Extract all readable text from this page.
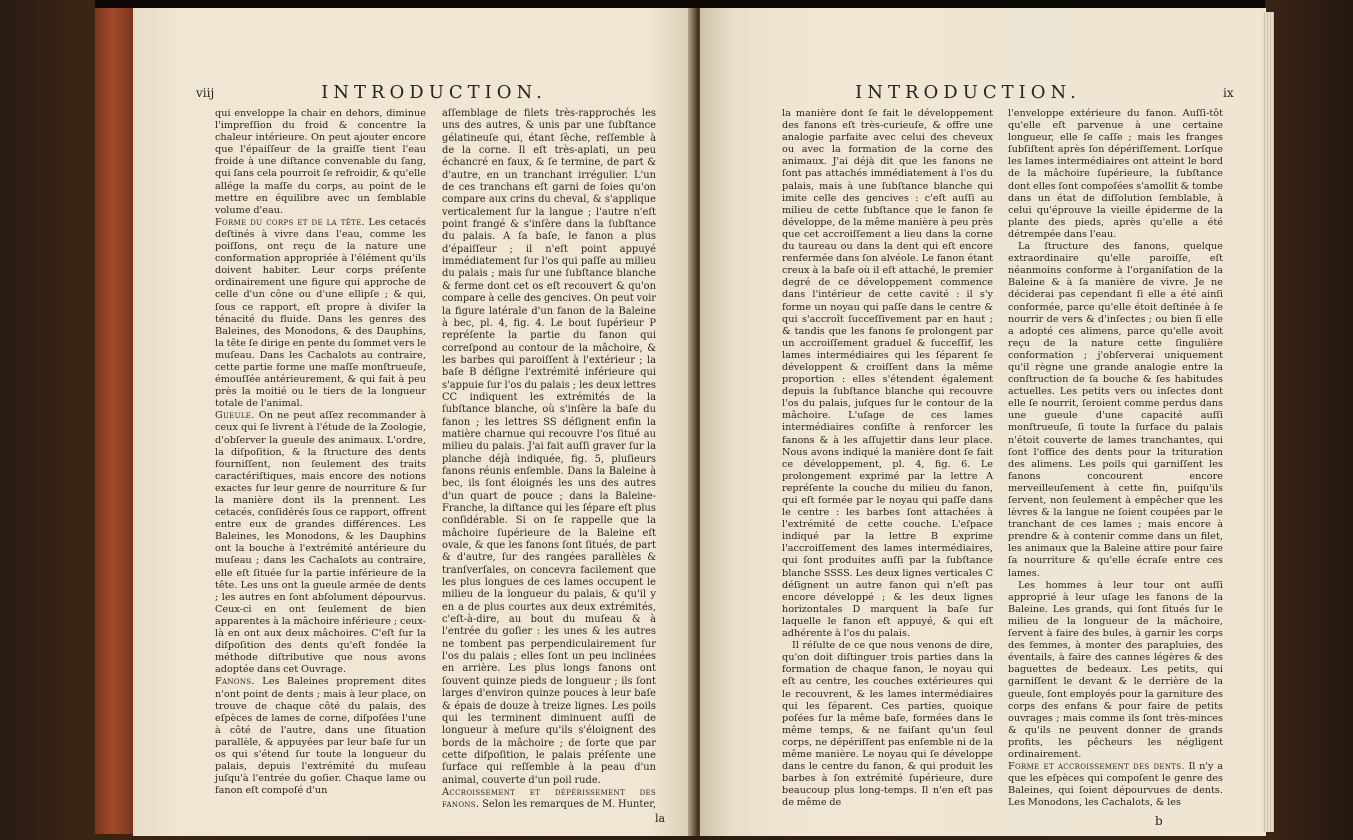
viij	INTRODUCTION.

qui enveloppe la chair en dehors, diminue l'impreſſion du froid & concentre la chaleur intérieure. On peut ajouter encore que l'épaiſſeur de la graiſſe tient l'eau froide à une diſtance convenable du ſang, qui ſans cela pourroit ſe refroidir, & qu'elle allége la maſſe du corps, au point de le mettre en équilibre avec un ſemblable volume d'eau.

Forme du corps et de la tête. Les cetacés deſtinés à vivre dans l'eau, comme les poiſſons, ont reçu de la nature une conformation appropriée à l'élément qu'ils doivent habiter. Leur corps préſente ordinairement une figure qui approche de celle d'un cône ou d'une ellipſe ; & qui, ſous ce rapport, eſt propre à diviſer la ténacité du fluide. Dans les genres des Baleines, des Monodons, & des Dauphins, la tête ſe dirige en pente du ſommet vers le muſeau. Dans les Cachalots au contraire, cette partie forme une maſſe monſtrueuſe, émouſſée antérieurement, & qui fait à peu près la moitié ou le tiers de la longueur totale de l'animal.

Gueule. On ne peut aſſez recommander à ceux qui ſe livrent à l'étude de la Zoologie, d'obſerver la gueule des animaux. L'ordre, la diſpoſition, & la ſtructure des dents fourniſſent, non ſeulement des traits caractériſtiques, mais encore des notions exactes ſur leur genre de nourriture & ſur la manière dont ils la prennent. Les cetacés, conſidérés ſous ce rapport, offrent entre eux de grandes différences. Les Baleines, les Monodons, & les Dauphins ont la bouche à l'extrémité antérieure du muſeau ; dans les Cachalots au contraire, elle eſt ſituée ſur la partie inférieure de la tête. Les uns ont la gueule armée de dents ; les autres en ſont abſolument dépourvus. Ceux-ci en ont ſeulement de bien apparentes à la mâchoire inférieure ; ceux-là en ont aux deux mâchoires. C'eſt ſur la diſpoſition des dents qu'eſt fondée la méthode diſtributive que nous avons adoptée dans cet Ouvrage.

Fanons. Les Baleines proprement dites n'ont point de dents ; mais à leur place, on trouve de chaque côté du palais, des eſpèces de lames de corne, diſpoſées l'une à côté de l'autre, dans une ſituation parallèle, & appuyées par leur baſe ſur un os qui s'étend ſur toute la longueur du palais, depuis l'extrémité du muſeau juſqu'à l'entrée du goſier. Chaque lame ou fanon eſt compoſé d'un

aſſemblage de filets très-rapprochés les uns des autres, & unis par une ſubſtance gélatineuſe qui, étant ſèche, reſſemble à de la corne. Il eſt très-aplati, un peu échancré en faux, & ſe termine, de part & d'autre, en un tranchant irrégulier. L'un de ces tranchans eſt garni de ſoies qu'on compare aux crins du cheval, & s'applique verticalement ſur la langue ; l'autre n'eſt point frangé & s'inſère dans la ſubſtance du palais. A ſa baſe, le fanon a plus d'épaiſſeur ; il n'eſt point appuyé immédiatement ſur l'os qui paſſe au milieu du palais ; mais ſur une ſubſtance blanche & ferme dont cet os eſt recouvert & qu'on compare à celle des gencives. On peut voir la figure latérale d'un fanon de la Baleine à bec, pl. 4, fig. 4. Le bout ſupérieur P repréſente la partie du fanon qui correſpond au contour de la mâchoire, & les barbes qui paroiſſent à l'extérieur ; la baſe B déſigne l'extrémité inférieure qui s'appuie ſur l'os du palais ; les deux lettres CC indiquent les extrémités de la ſubſtance blanche, où s'inſère la baſe du fanon ; les lettres SS déſignent enfin la matière charnue qui recouvre l'os ſitué au milieu du palais. J'ai fait auſſi graver ſur la planche déjà indiquée, fig. 5, pluſieurs fanons réunis enſemble. Dans la Baleine à bec, ils ſont éloignés les uns des autres d'un quart de pouce ; dans la Baleine-Franche, la diſtance qui les ſépare eſt plus conſidérable. Si on ſe rappelle que la mâchoire ſupérieure de la Baleine eſt ovale, & que les fanons ſont ſitués, de part & d'autre, ſur des rangées parallèles & tranſverſales, on concevra facilement que les plus longues de ces lames occupent le milieu de la longueur du palais, & qu'il y en a de plus courtes aux deux extrémités, c'eſt-à-dire, au bout du muſeau & à l'entrée du goſier : les unes & les autres ne tombent pas perpendiculairement ſur l'os du palais ; elles ſont un peu inclinées en arrière. Les plus longs fanons ont ſouvent quinze pieds de longueur ; ils ſont larges d'environ quinze pouces à leur baſe & épais de douze à treize lignes. Les poils qui les terminent diminuent auſſi de longueur à meſure qu'ils s'éloignent des bords de la mâchoire ; de ſorte que par cette diſpoſition, le palais préſente une ſurface qui reſſemble à la peau d'un animal, couverte d'un poil rude.

Accroissement et dépérissement des fanons. Selon les remarques de M. Hunter,

la
INTRODUCTION.	ix

la manière dont ſe fait le développement des fanons eſt très-curieuſe, & offre une analogie parfaite avec celui des cheveux ou avec la formation de la corne des animaux. J'ai déjà dit que les fanons ne ſont pas attachés immédiatement à l'os du palais, mais à une ſubſtance blanche qui imite celle des gencives : c'eſt auſſi au milieu de cette ſubſtance que le fanon ſe développe, de la même manière à peu près que cet accroiſſement a lieu dans la corne du taureau ou dans la dent qui eſt encore renfermée dans ſon alvéole. Le fanon étant creux à la baſe où il eſt attaché, le premier degré de ce développement commence dans l'intérieur de cette cavité : il s'y forme un noyau qui paſſe dans le centre & qui s'accroît ſucceſſivement par en haut ; & tandis que les fanons ſe prolongent par un accroiſſement graduel & ſucceſſif, les lames intermédiaires qui les ſéparent ſe développent & croiſſent dans la même proportion : elles s'étendent également depuis la ſubſtance blanche qui recouvre l'os du palais, juſques ſur le contour de la mâchoire. L'uſage de ces lames intermédiaires conſiſte à renforcer les fanons & à les aſſujettir dans leur place. Nous avons indiqué la manière dont ſe fait ce développement, pl. 4, fig. 6. Le prolongement exprimé par la lettre A repréſente la couche du milieu du fanon, qui eſt formée par le noyau qui paſſe dans le centre : les barbes ſont attachées à l'extrémité de cette couche. L'eſpace indiqué par la lettre B exprime l'accroiſſement des lames intermédiaires, qui ſont produites auſſi par la ſubſtance blanche SSSS. Les deux lignes verticales C déſignent un autre fanon qui n'eſt pas encore développé ; & les deux lignes horizontales D marquent la baſe ſur laquelle le fanon eſt appuyé, & qui eſt adhérente à l'os du palais.

Il réſulte de ce que nous venons de dire, qu'on doit diſtinguer trois parties dans la formation de chaque fanon, le noyau qui eſt au centre, les couches extérieures qui le recouvrent, & les lames intermédiaires qui les ſéparent. Ces parties, quoique poſées ſur la même baſe, formées dans le même temps, & ne faiſant qu'un ſeul corps, ne dépériſſent pas enſemble ni de la même manière. Le noyau qui ſe développe dans le centre du fanon, & qui produit les barbes à ſon extrémité ſupérieure, dure beaucoup plus long-temps. Il n'en eſt pas de même de

l'enveloppe extérieure du fanon. Auſſi-tôt qu'elle eſt parvenue à une certaine longueur, elle ſe caſſe ; mais les franges ſubſiſtent après ſon dépériſſement. Lorſque les lames intermédiaires ont atteint le bord de la mâchoire ſupérieure, la ſubſtance dont elles ſont compoſées s'amollit & tombe dans un état de diſſolution ſemblable, à celui qu'éprouve la vieille épiderme de la plante des pieds, après qu'elle a été détrempée dans l'eau.

La ſtructure des fanons, quelque extraordinaire qu'elle paroiſſe, eſt néanmoins conforme à l'organiſation de la Baleine & à ſa manière de vivre. Je ne déciderai pas cependant ſi elle a été ainſi conformée, parce qu'elle étoit deſtinée à ſe nourrir de vers & d'inſectes ; ou bien ſi elle a adopté ces alimens, parce qu'elle avoit reçu de la nature cette ſingulière conformation ; j'obſerverai uniquement qu'il règne une grande analogie entre la conſtruction de ſa bouche & ſes habitudes actuelles. Les petits vers ou inſectes dont elle ſe nourrit, ſeroient comme perdus dans une gueule d'une capacité auſſi monſtrueuſe, ſi toute la ſurface du palais n'étoit couverte de lames tranchantes, qui ſont l'office des dents pour la trituration des alimens. Les poils qui garniſſent les fanons concourent encore merveilleuſement à cette fin, puiſqu'ils ſervent, non ſeulement à empêcher que les lèvres & la langue ne ſoient coupées par le tranchant de ces lames ; mais encore à prendre & à contenir comme dans un filet, les animaux que la Baleine attire pour faire ſa nourriture & qu'elle écraſe entre ces lames.

Les hommes à leur tour ont auſſi approprié à leur uſage les fanons de la Baleine. Les grands, qui ſont ſitués ſur le milieu de la longueur de la mâchoire, ſervent à faire des bules, à garnir les corps des femmes, à monter des parapluies, des éventails, à faire des cannes légères & des baguettes de bedeaux. Les petits, qui garniſſent le devant & le derrière de la gueule, ſont employés pour la garniture des corps des enfans & pour faire de petits ouvrages ; mais comme ils ſont très-minces & qu'ils ne peuvent donner de grands profits, les pêcheurs les négligent ordinairement.

Forme et accroissement des dents. Il n'y a que les eſpèces qui compoſent le genre des Baleines, qui ſoient dépourvues de dents. Les Monodons, les Cachalots, & les

b
